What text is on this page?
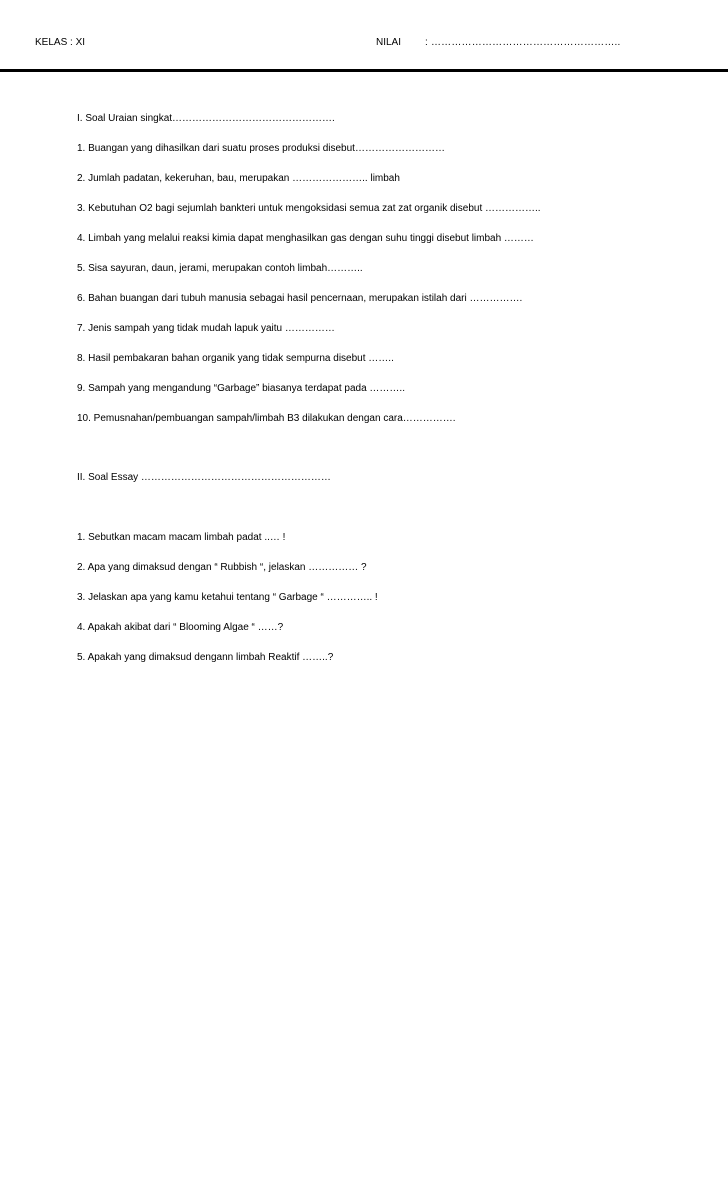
KELAS : XI	NILAI : ………………………………………………..
I. Soal Uraian singkat………………………………………….
1. Buangan yang dihasilkan dari suatu proses produksi disebut………………………
2. Jumlah padatan, kekeruhan, bau, merupakan ………………….. limbah
3. Kebutuhan O2 bagi sejumlah bankteri untuk mengoksidasi semua zat zat organik disebut ……………..
4. Limbah yang melalui reaksi kimia dapat menghasilkan gas dengan suhu tinggi disebut limbah ………
5. Sisa sayuran, daun, jerami, merupakan contoh limbah………..
6. Bahan buangan dari tubuh manusia sebagai hasil pencernaan, merupakan istilah dari …………….
7. Jenis sampah yang tidak mudah lapuk yaitu ……………
8. Hasil pembakaran bahan organik yang tidak sempurna disebut ……..
9. Sampah yang mengandung “Garbage” biasanya terdapat pada ………..
10. Pemusnahan/pembuangan sampah/limbah B3 dilakukan dengan cara…………….
II. Soal Essay …………………………………………………
1. Sebutkan macam macam limbah padat ..… !
2. Apa yang dimaksud dengan “ Rubbish “, jelaskan …………… ?
3. Jelaskan apa yang kamu ketahui tentang “ Garbage “ ………….. !
4. Apakah akibat dari “ Blooming Algae “ ……?
5. Apakah yang dimaksud dengann limbah Reaktif ……..?
